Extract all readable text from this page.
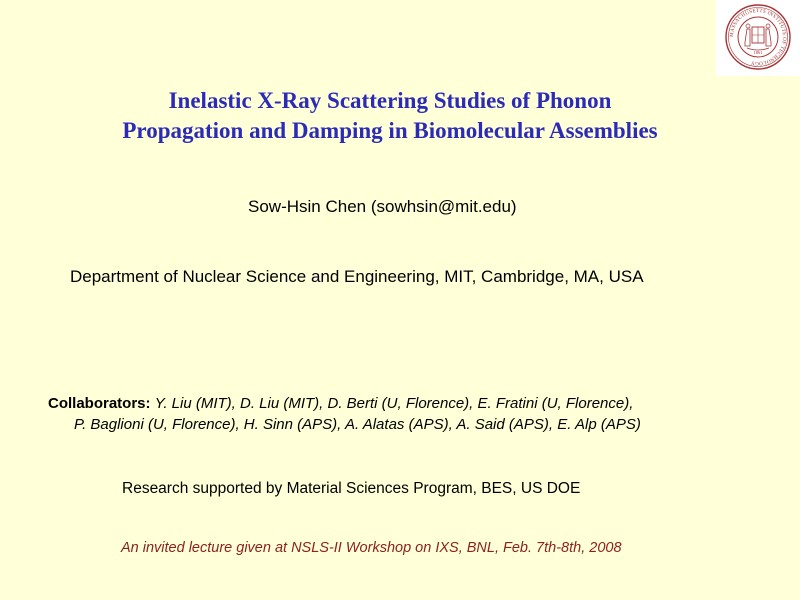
MASSACHUSETTS INSTITUTE OF TECHNOLOGY
1861
Inelastic X-Ray Scattering Studies of Phonon
Propagation and Damping in Biomolecular Assemblies
Sow-Hsin Chen (sowhsin@mit.edu)
Department of Nuclear Science and Engineering, MIT, Cambridge, MA, USA
Collaborators: Y. Liu (MIT), D. Liu (MIT), D. Berti (U, Florence), E. Fratini (U, Florence),
P. Baglioni (U, Florence), H. Sinn (APS), A. Alatas (APS), A. Said (APS), E. Alp (APS)
Research supported by Material Sciences Program, BES, US DOE
An invited lecture given at NSLS-II Workshop on IXS, BNL, Feb. 7th-8th, 2008
